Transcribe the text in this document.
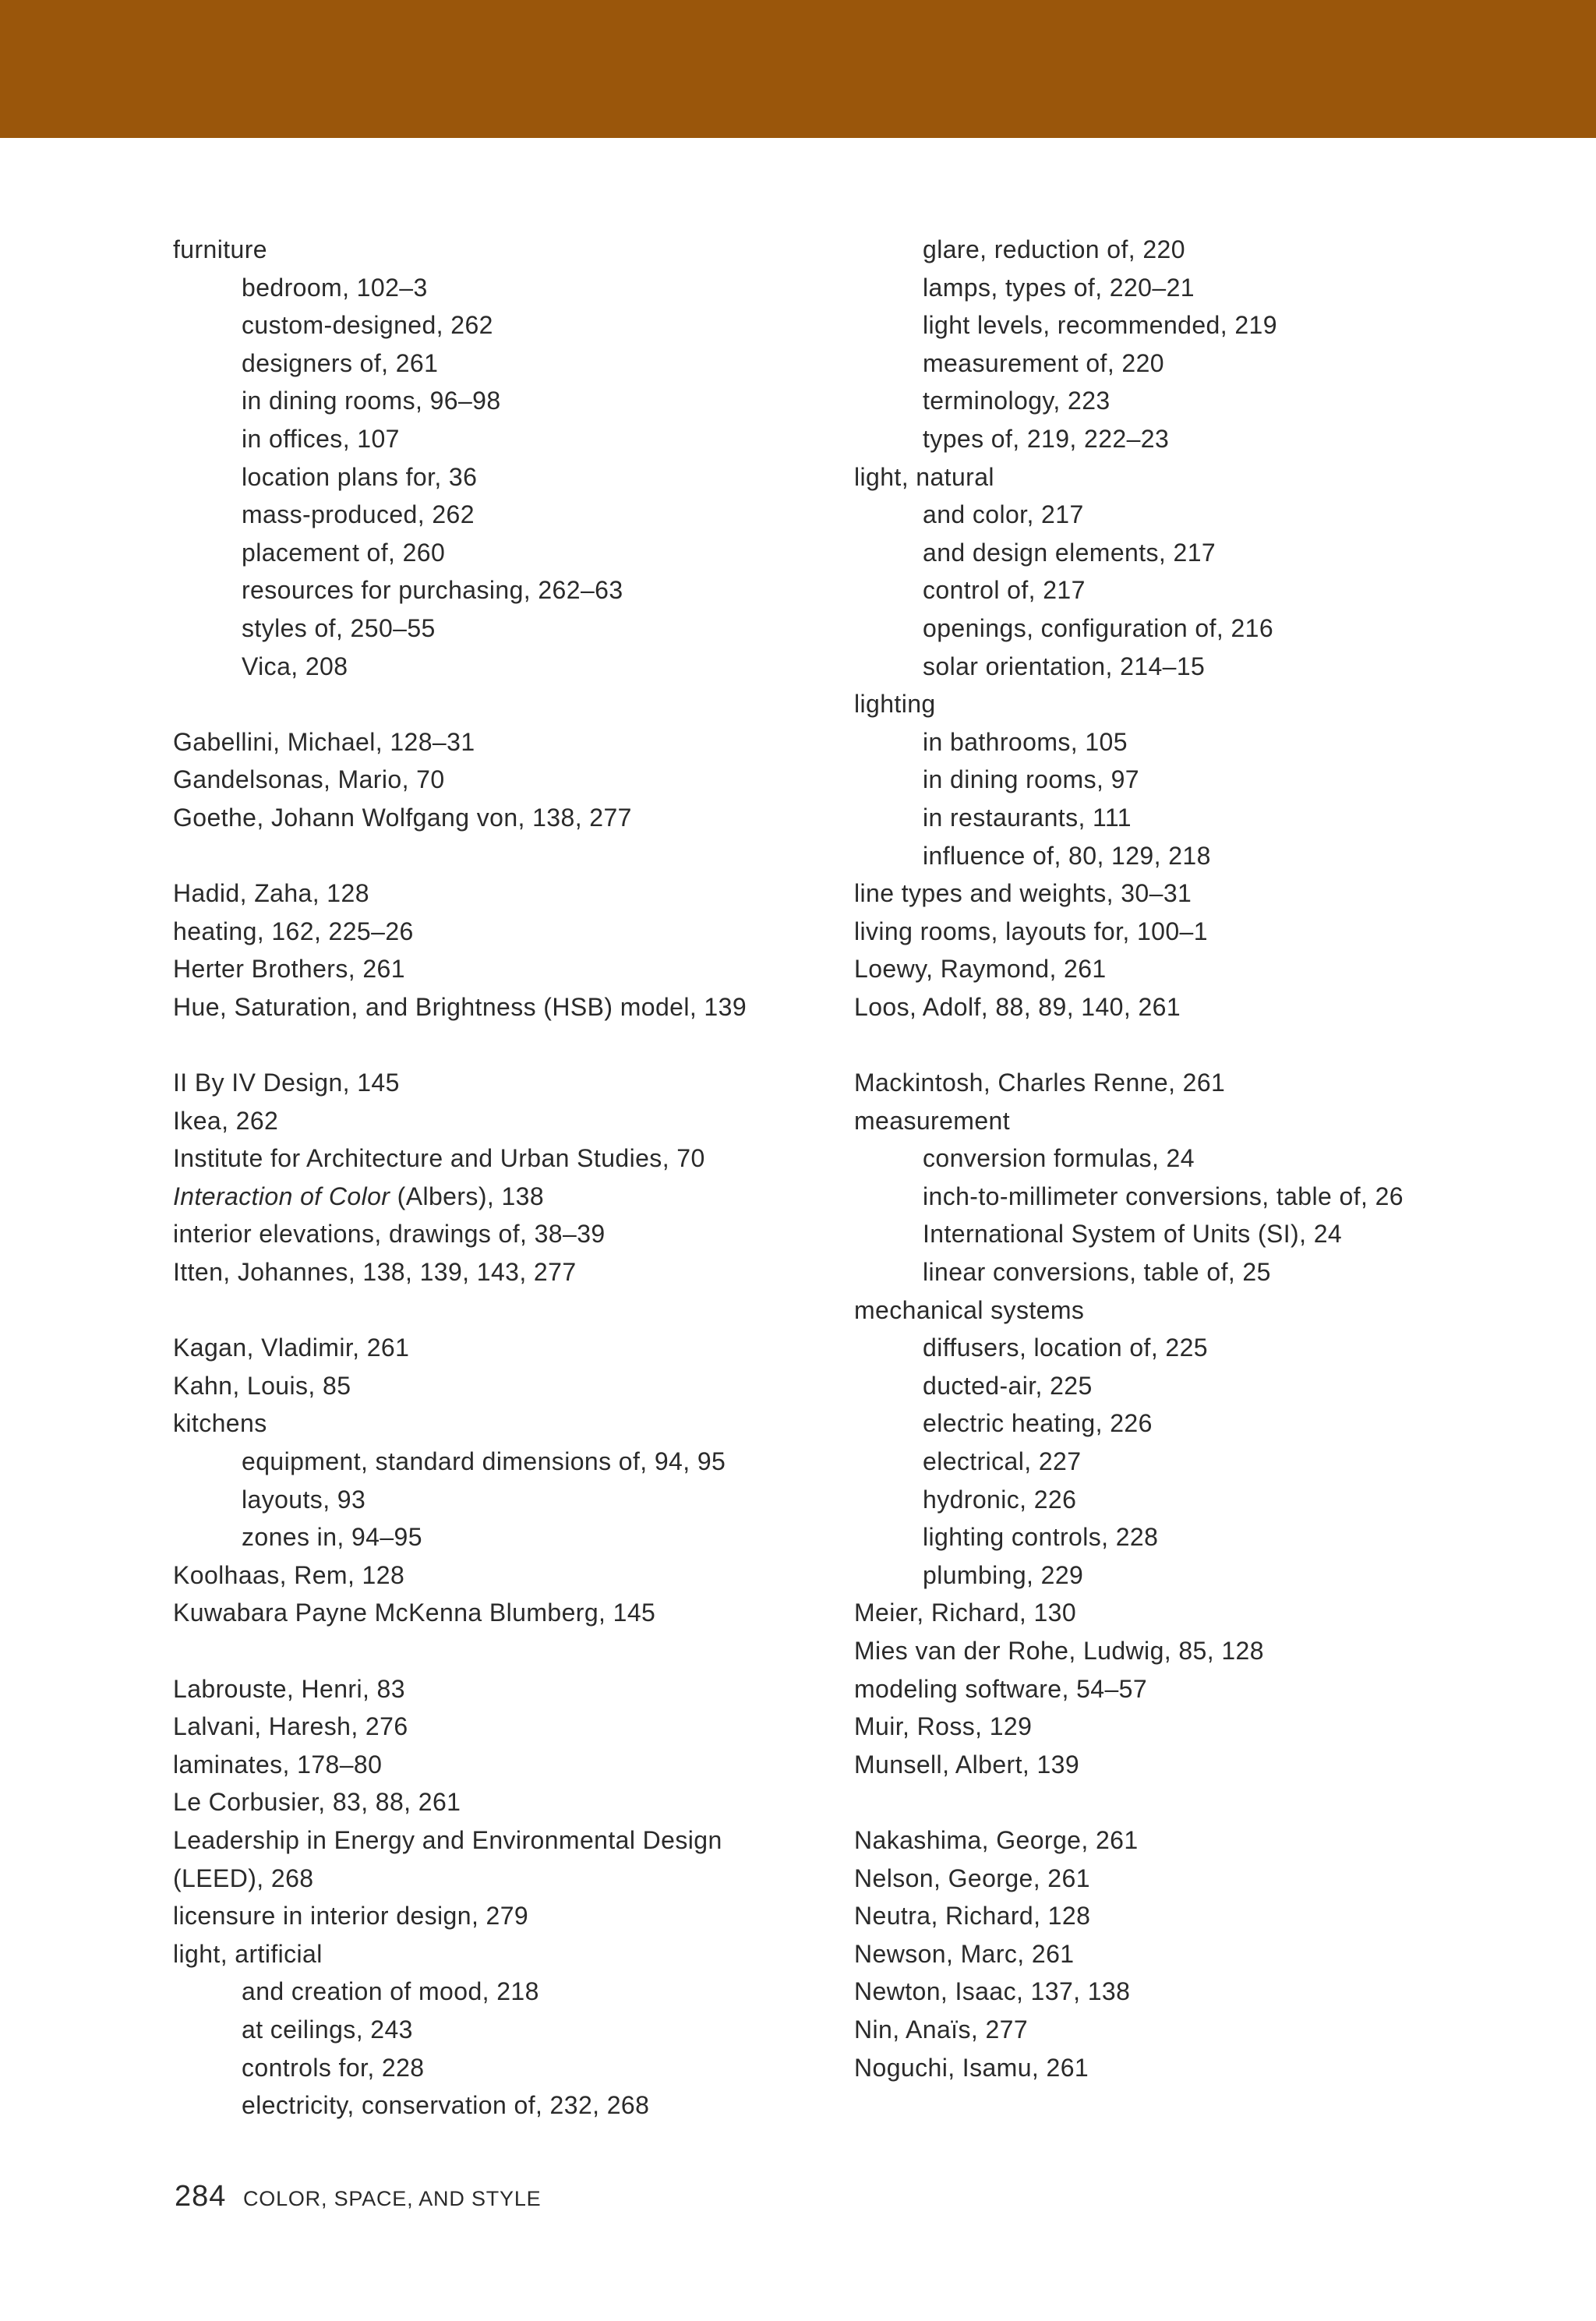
furniture
bedroom, 102–3
custom-designed, 262
designers of, 261
in dining rooms, 96–98
in offices, 107
location plans for, 36
mass-produced, 262
placement of, 260
resources for purchasing, 262–63
styles of, 250–55
Vica, 208
Gabellini, Michael, 128–31
Gandelsonas, Mario, 70
Goethe, Johann Wolfgang von, 138, 277
Hadid, Zaha, 128
heating, 162, 225–26
Herter Brothers, 261
Hue, Saturation, and Brightness (HSB) model, 139
II By IV Design, 145
Ikea, 262
Institute for Architecture and Urban Studies, 70
Interaction of Color (Albers), 138
interior elevations, drawings of, 38–39
Itten, Johannes, 138, 139, 143, 277
Kagan, Vladimir, 261
Kahn, Louis, 85
kitchens
equipment, standard dimensions of, 94, 95
layouts, 93
zones in, 94–95
Koolhaas, Rem, 128
Kuwabara Payne McKenna Blumberg, 145
Labrouste, Henri, 83
Lalvani, Haresh, 276
laminates, 178–80
Le Corbusier, 83, 88, 261
Leadership in Energy and Environmental Design
(LEED), 268
licensure in interior design, 279
light, artificial
and creation of mood, 218
at ceilings, 243
controls for, 228
electricity, conservation of, 232, 268
glare, reduction of, 220
lamps, types of, 220–21
light levels, recommended, 219
measurement of, 220
terminology, 223
types of, 219, 222–23
light, natural
and color, 217
and design elements, 217
control of, 217
openings, configuration of, 216
solar orientation, 214–15
lighting
in bathrooms, 105
in dining rooms, 97
in restaurants, 111
influence of, 80, 129, 218
line types and weights, 30–31
living rooms, layouts for, 100–1
Loewy, Raymond, 261
Loos, Adolf, 88, 89, 140, 261
Mackintosh, Charles Renne, 261
measurement
conversion formulas, 24
inch-to-millimeter conversions, table of, 26
International System of Units (SI), 24
linear conversions, table of, 25
mechanical systems
diffusers, location of, 225
ducted-air, 225
electric heating, 226
electrical, 227
hydronic, 226
lighting controls, 228
plumbing, 229
Meier, Richard, 130
Mies van der Rohe, Ludwig, 85, 128
modeling software, 54–57
Muir, Ross, 129
Munsell, Albert, 139
Nakashima, George, 261
Nelson, George, 261
Neutra, Richard, 128
Newson, Marc, 261
Newton, Isaac, 137, 138
Nin, Anaïs, 277
Noguchi, Isamu, 261
284 COLOR, SPACE, AND STYLE
